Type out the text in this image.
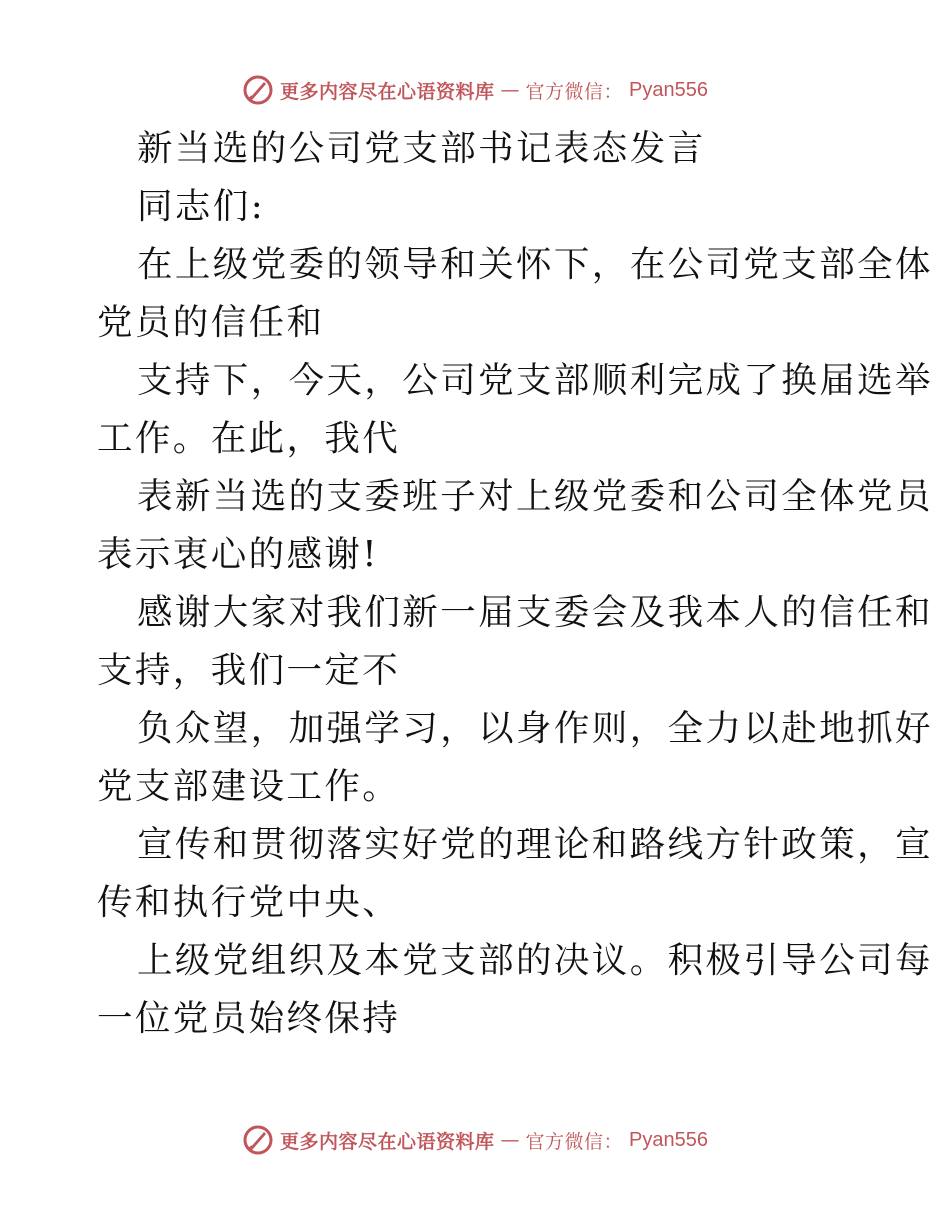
更多内容尽在心语资料库 — 官方微信： Pyan556
新当选的公司党支部书记表态发言
同志们:
在上级党委的领导和关怀下，在公司党支部全体
党员的信任和
支持下，今天，公司党支部顺利完成了换届选举
工作。在此，我代
表新当选的支委班子对上级党委和公司全体党员
表示衷心的感谢!
感谢大家对我们新一届支委会及我本人的信任和
支持，我们一定不
负众望，加强学习，以身作则，全力以赴地抓好
党支部建设工作。
宣传和贯彻落实好党的理论和路线方针政策，宣
传和执行党中央、
上级党组织及本党支部的决议。积极引导公司每
一位党员始终保持
更多内容尽在心语资料库 — 官方微信： Pyan556
